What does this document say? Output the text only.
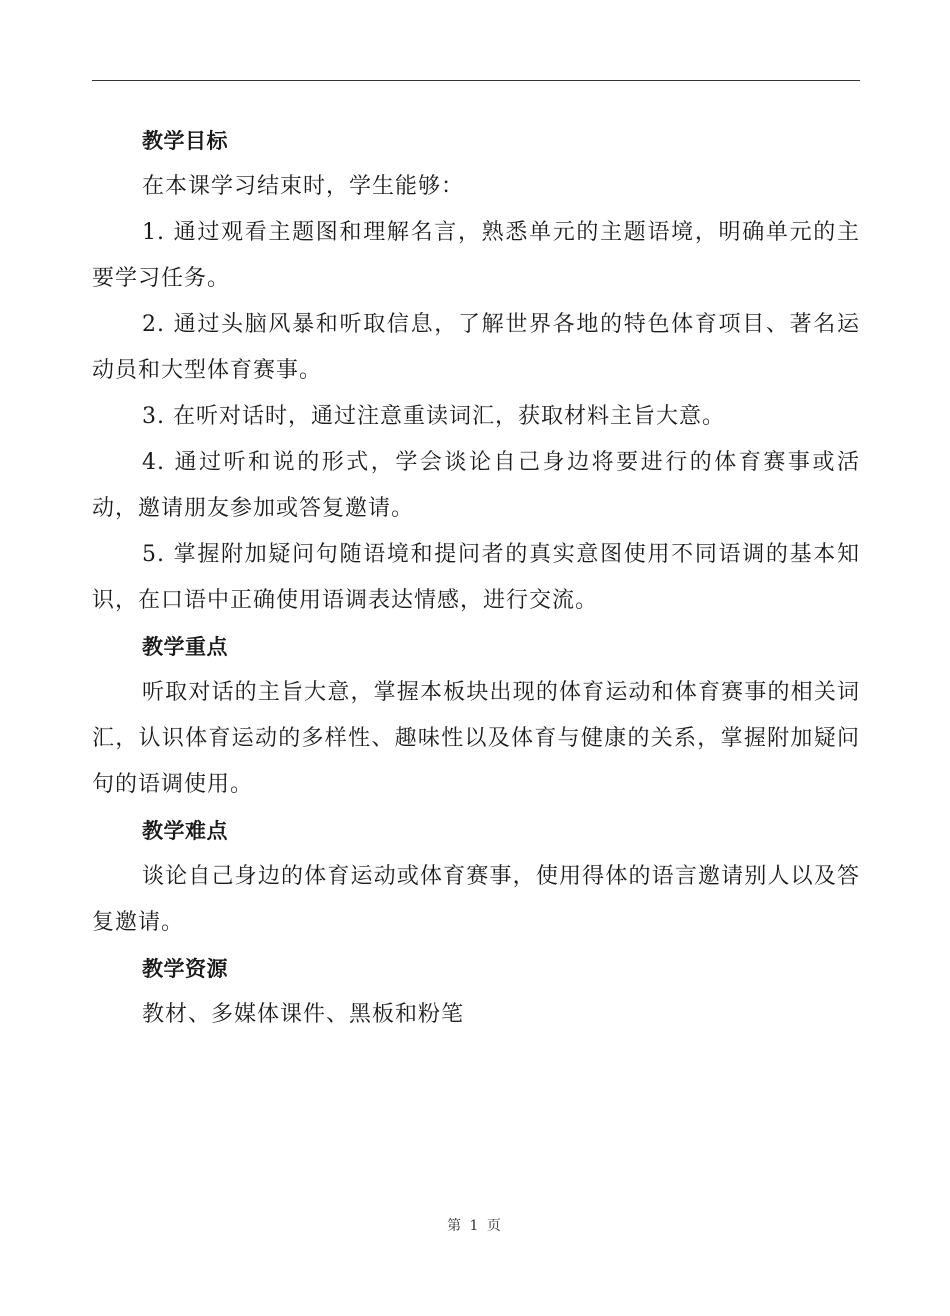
教学目标

在本课学习结束时，学生能够：

1. 通过观看主题图和理解名言，熟悉单元的主题语境，明确单元的主要学习任务。

2. 通过头脑风暴和听取信息，了解世界各地的特色体育项目、著名运动员和大型体育赛事。

3. 在听对话时，通过注意重读词汇，获取材料主旨大意。

4. 通过听和说的形式，学会谈论自己身边将要进行的体育赛事或活动，邀请朋友参加或答复邀请。

5. 掌握附加疑问句随语境和提问者的真实意图使用不同语调的基本知识，在口语中正确使用语调表达情感，进行交流。

教学重点

听取对话的主旨大意，掌握本板块出现的体育运动和体育赛事的相关词汇，认识体育运动的多样性、趣味性以及体育与健康的关系，掌握附加疑问句的语调使用。

教学难点

谈论自己身边的体育运动或体育赛事，使用得体的语言邀请别人以及答复邀请。

教学资源

教材、多媒体课件、黑板和粉笔

第 1 页
